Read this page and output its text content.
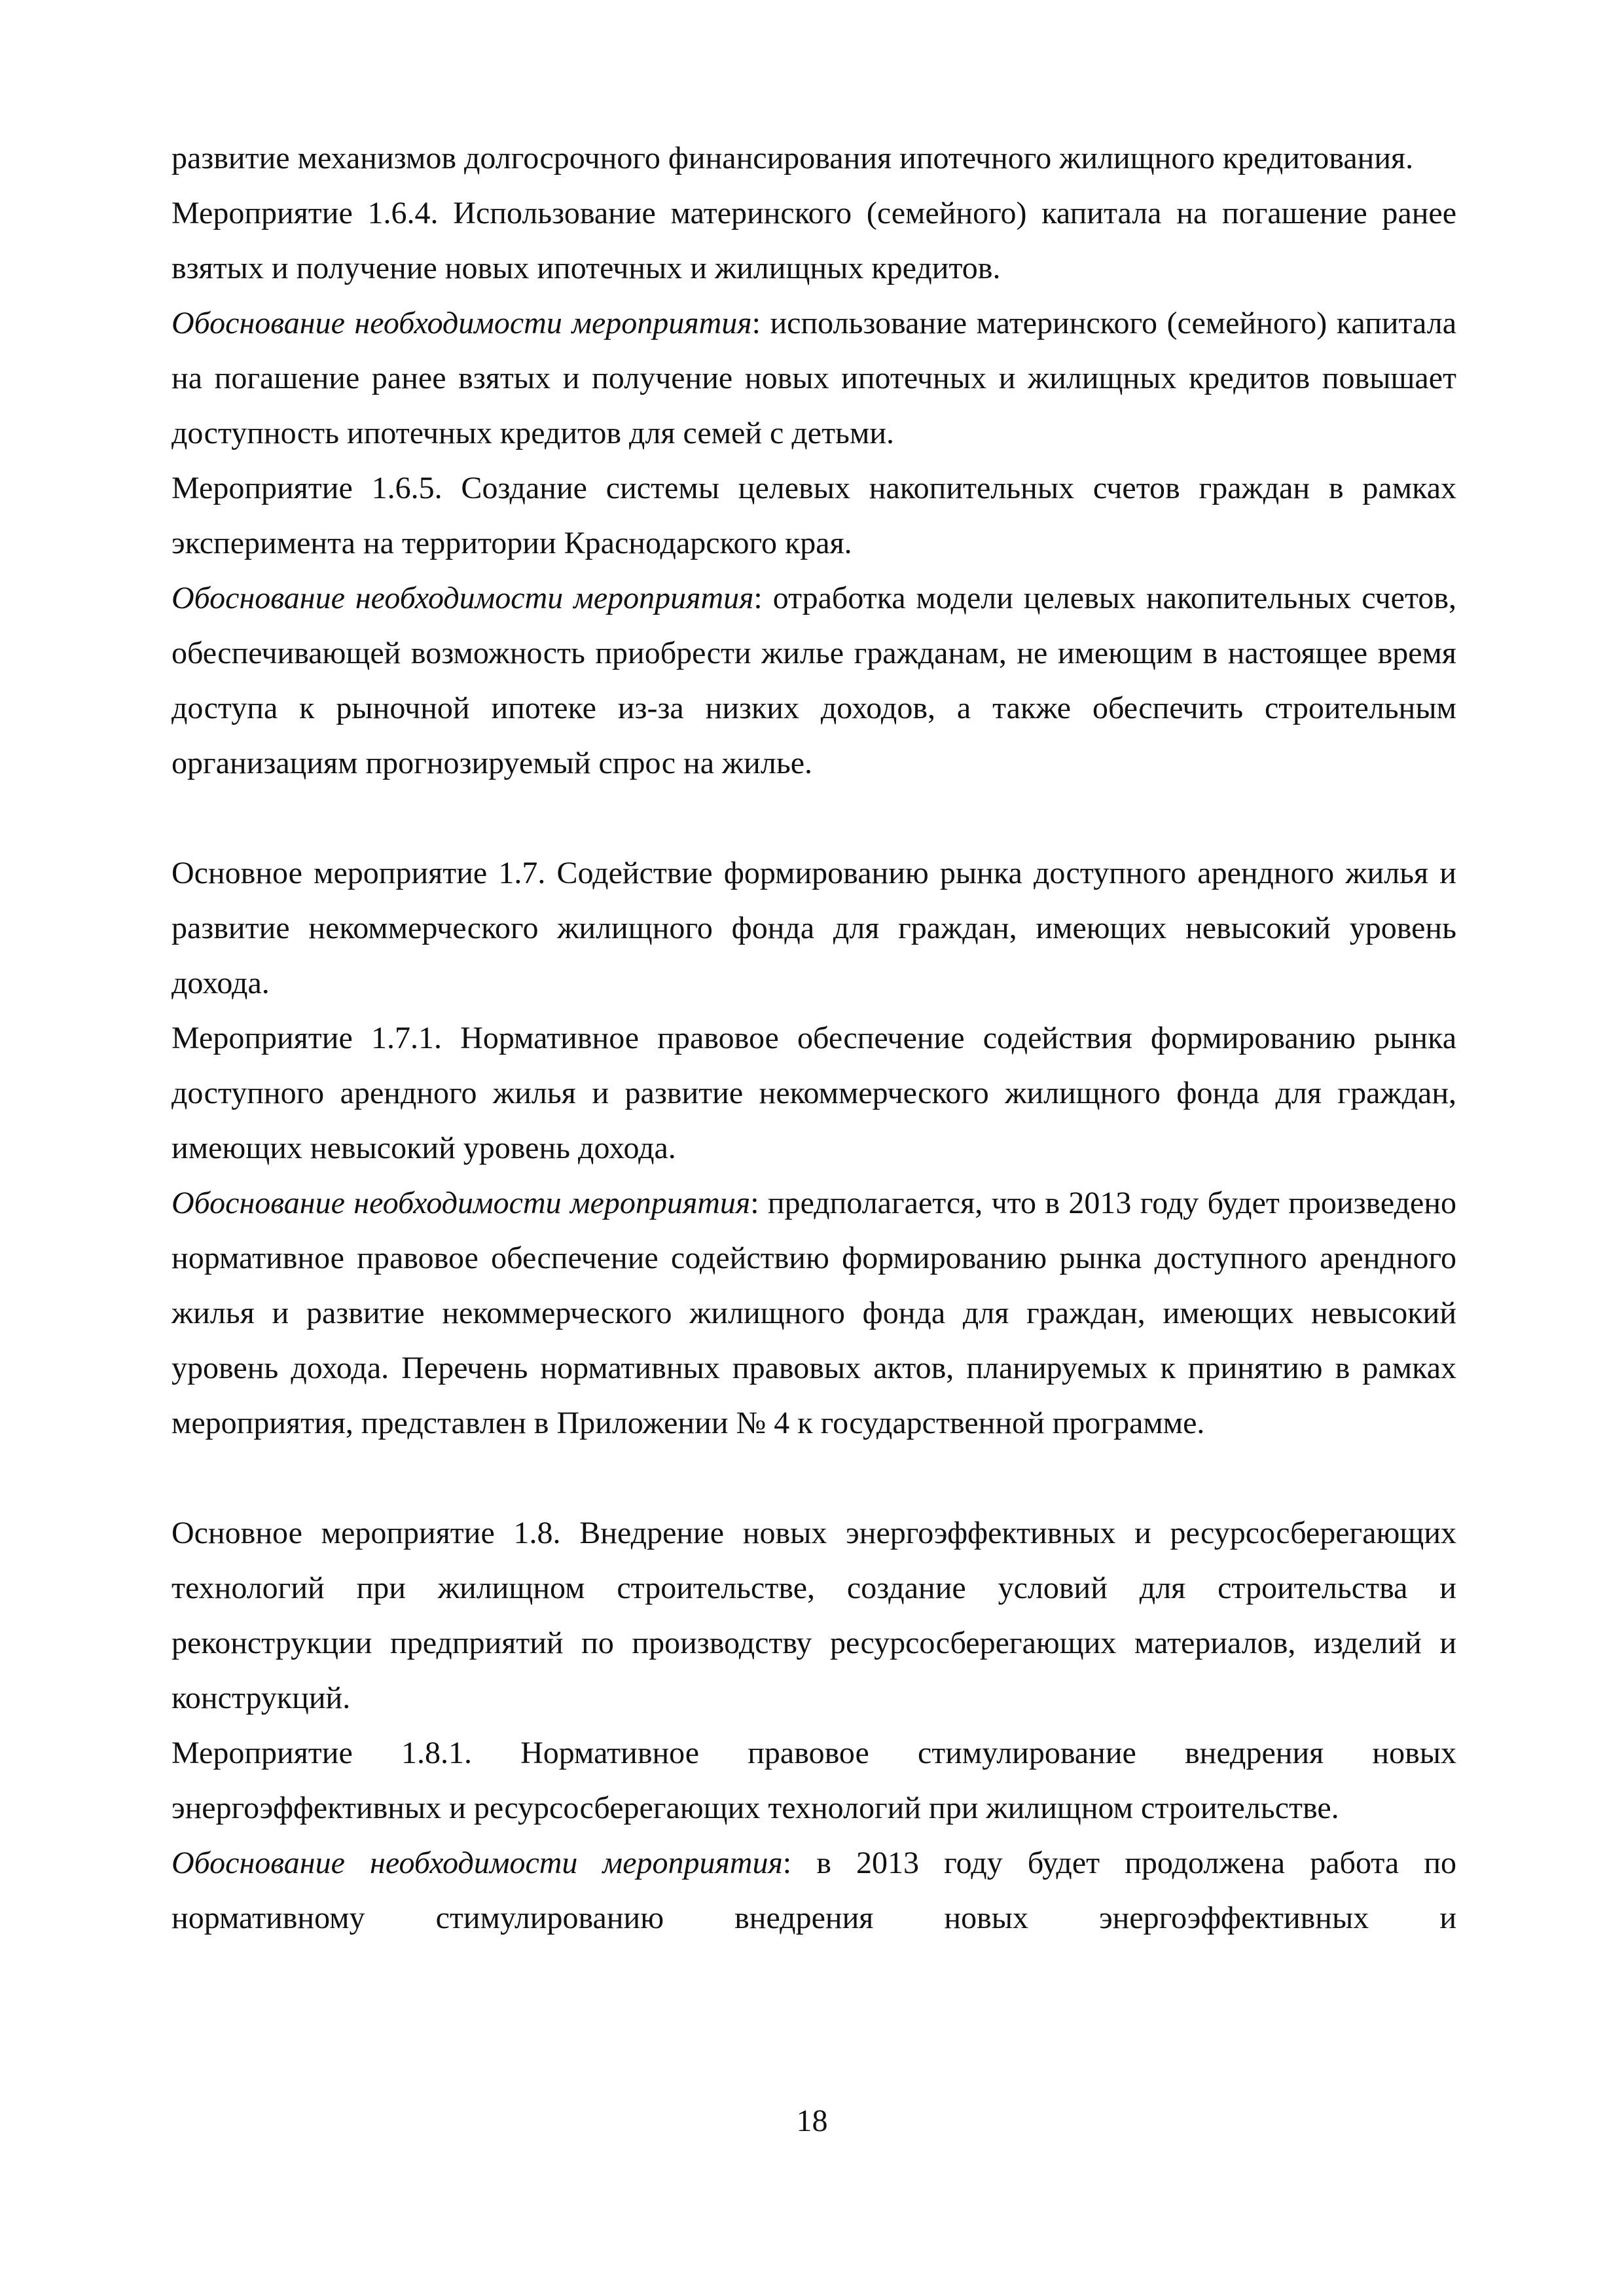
развитие механизмов долгосрочного финансирования ипотечного жилищного кредитования.

Мероприятие 1.6.4. Использование материнского (семейного) капитала на погашение ранее взятых и получение новых ипотечных и жилищных кредитов.

Обоснование необходимости мероприятия: использование материнского (семейного) капитала на погашение ранее взятых и получение новых ипотечных и жилищных кредитов повышает доступность ипотечных кредитов для семей с детьми.

Мероприятие 1.6.5. Создание системы целевых накопительных счетов граждан в рамках эксперимента на территории Краснодарского края.

Обоснование необходимости мероприятия: отработка модели целевых накопительных счетов, обеспечивающей возможность приобрести жилье гражданам, не имеющим в настоящее время доступа к рыночной ипотеке из-за низких доходов, а также обеспечить строительным организациям прогнозируемый спрос на жилье.

Основное мероприятие 1.7. Содействие формированию рынка доступного арендного жилья и развитие некоммерческого жилищного фонда для граждан, имеющих невысокий уровень дохода.

Мероприятие 1.7.1. Нормативное правовое обеспечение содействия формированию рынка доступного арендного жилья и развитие некоммерческого жилищного фонда для граждан, имеющих невысокий уровень дохода.

Обоснование необходимости мероприятия: предполагается, что в 2013 году будет произведено нормативное правовое обеспечение содействию формированию рынка доступного арендного жилья и развитие некоммерческого жилищного фонда для граждан, имеющих невысокий уровень дохода. Перечень нормативных правовых актов, планируемых к принятию в рамках мероприятия, представлен в Приложении № 4 к государственной программе.

Основное мероприятие 1.8. Внедрение новых энергоэффективных и ресурсосберегающих технологий при жилищном строительстве, создание условий для строительства и реконструкции предприятий по производству ресурсосберегающих материалов, изделий и конструкций.

Мероприятие 1.8.1. Нормативное правовое стимулирование внедрения новых энергоэффективных и ресурсосберегающих технологий при жилищном строительстве.

Обоснование необходимости мероприятия: в 2013 году будет продолжена работа по нормативному стимулированию внедрения новых энергоэффективных и

18
